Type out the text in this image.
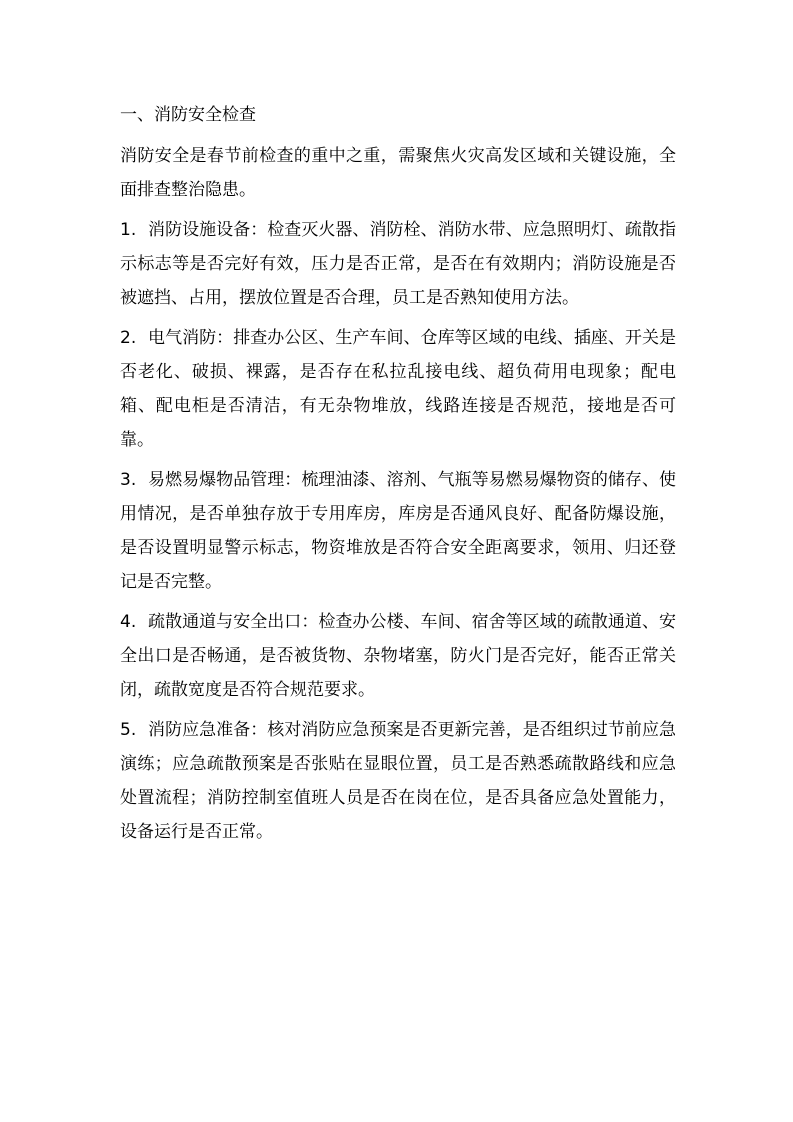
一、消防安全检查
消防安全是春节前检查的重中之重，需聚焦火灾高发区域和关键设施，全面排查整治隐患。
1. 消防设施设备：检查灭火器、消防栓、消防水带、应急照明灯、疏散指示标志等是否完好有效，压力是否正常，是否在有效期内；消防设施是否被遮挡、占用，摆放位置是否合理，员工是否熟知使用方法。
2. 电气消防：排查办公区、生产车间、仓库等区域的电线、插座、开关是否老化、破损、裸露，是否存在私拉乱接电线、超负荷用电现象；配电箱、配电柜是否清洁，有无杂物堆放，线路连接是否规范，接地是否可靠。
3. 易燃易爆物品管理：梳理油漆、溶剂、气瓶等易燃易爆物资的储存、使用情况，是否单独存放于专用库房，库房是否通风良好、配备防爆设施，是否设置明显警示标志，物资堆放是否符合安全距离要求，领用、归还登记是否完整。
4. 疏散通道与安全出口：检查办公楼、车间、宿舍等区域的疏散通道、安全出口是否畅通，是否被货物、杂物堵塞，防火门是否完好，能否正常关闭，疏散宽度是否符合规范要求。
5. 消防应急准备：核对消防应急预案是否更新完善，是否组织过节前应急演练；应急疏散预案是否张贴在显眼位置，员工是否熟悉疏散路线和应急处置流程；消防控制室值班人员是否在岗在位，是否具备应急处置能力，设备运行是否正常。
